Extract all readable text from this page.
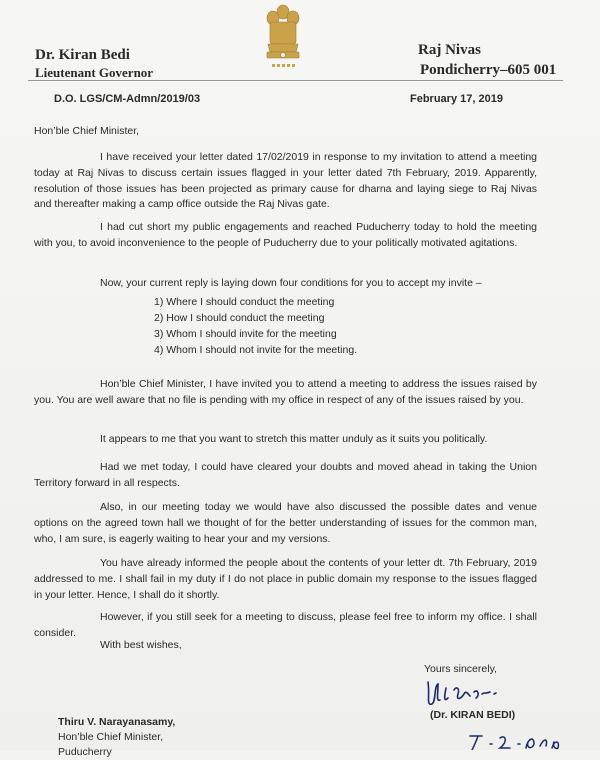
Dr. Kiran Bedi
Lieutenant Governor
Raj Nivas
Pondicherry–605 001
D.O. LGS/CM-Admn/2019/03	February 17, 2019
Hon’ble Chief Minister,
I have received your letter dated 17/02/2019 in response to my invitation to attend a meeting today at Raj Nivas to discuss certain issues flagged in your letter dated 7th February, 2019. Apparently, resolution of those issues has been projected as primary cause for dharna and laying siege to Raj Nivas and thereafter making a camp office outside the Raj Nivas gate.
I had cut short my public engagements and reached Puducherry today to hold the meeting with you, to avoid inconvenience to the people of Puducherry due to your politically motivated agitations.
Now, your current reply is laying down four conditions for you to accept my invite –
1) Where I should conduct the meeting
2) How I should conduct the meeting
3) Whom I should invite for the meeting
4) Whom I should not invite for the meeting.
Hon’ble Chief Minister, I have invited you to attend a meeting to address the issues raised by you. You are well aware that no file is pending with my office in respect of any of the issues raised by you.
It appears to me that you want to stretch this matter unduly as it suits you politically.
Had we met today, I could have cleared your doubts and moved ahead in taking the Union Territory forward in all respects.
Also, in our meeting today we would have also discussed the possible dates and venue options on the agreed town hall we thought of for the better understanding of issues for the common man, who, I am sure, is eagerly waiting to hear your and my versions.
You have already informed the people about the contents of your letter dt. 7th February, 2019 addressed to me. I shall fail in my duty if I do not place in public domain my response to the issues flagged in your letter. Hence, I shall do it shortly.
However, if you still seek for a meeting to discuss, please feel free to inform my office. I shall consider.
With best wishes,
Yours sincerely,
(Dr. KIRAN BEDI)
Thiru V. Narayanasamy,
Hon’ble Chief Minister,
Puducherry
